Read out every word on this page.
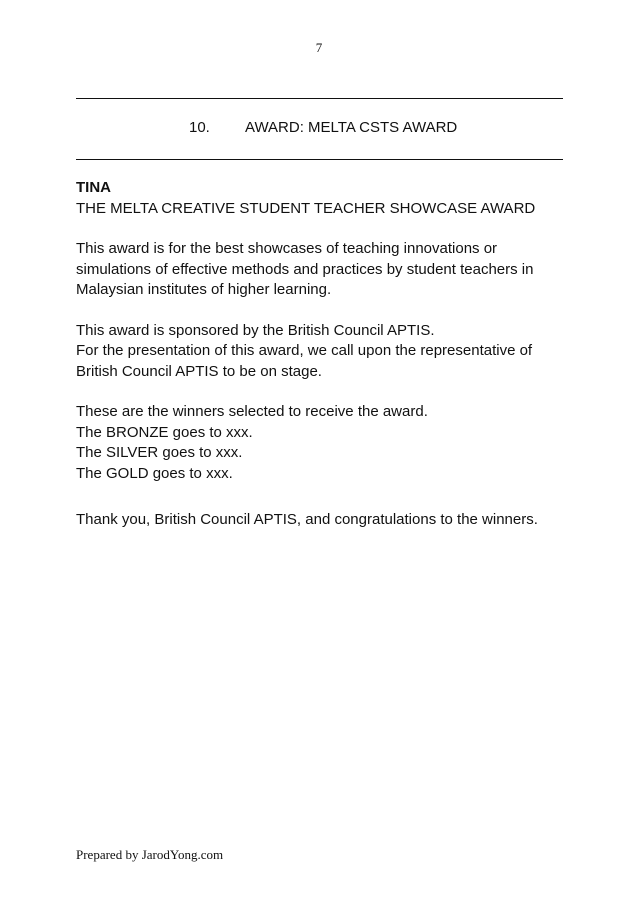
7
10. AWARD: MELTA CSTS AWARD
TINA
THE MELTA CREATIVE STUDENT TEACHER SHOWCASE AWARD
This award is for the best showcases of teaching innovations or
simulations of effective methods and practices by student teachers in
Malaysian institutes of higher learning.
This award is sponsored by the British Council APTIS.
For the presentation of this award, we call upon the representative of
British Council APTIS to be on stage.
These are the winners selected to receive the award.
The BRONZE goes to xxx.
The SILVER goes to xxx.
The GOLD goes to xxx.
Thank you, British Council APTIS, and congratulations to the winners.
Prepared by JarodYong.com
